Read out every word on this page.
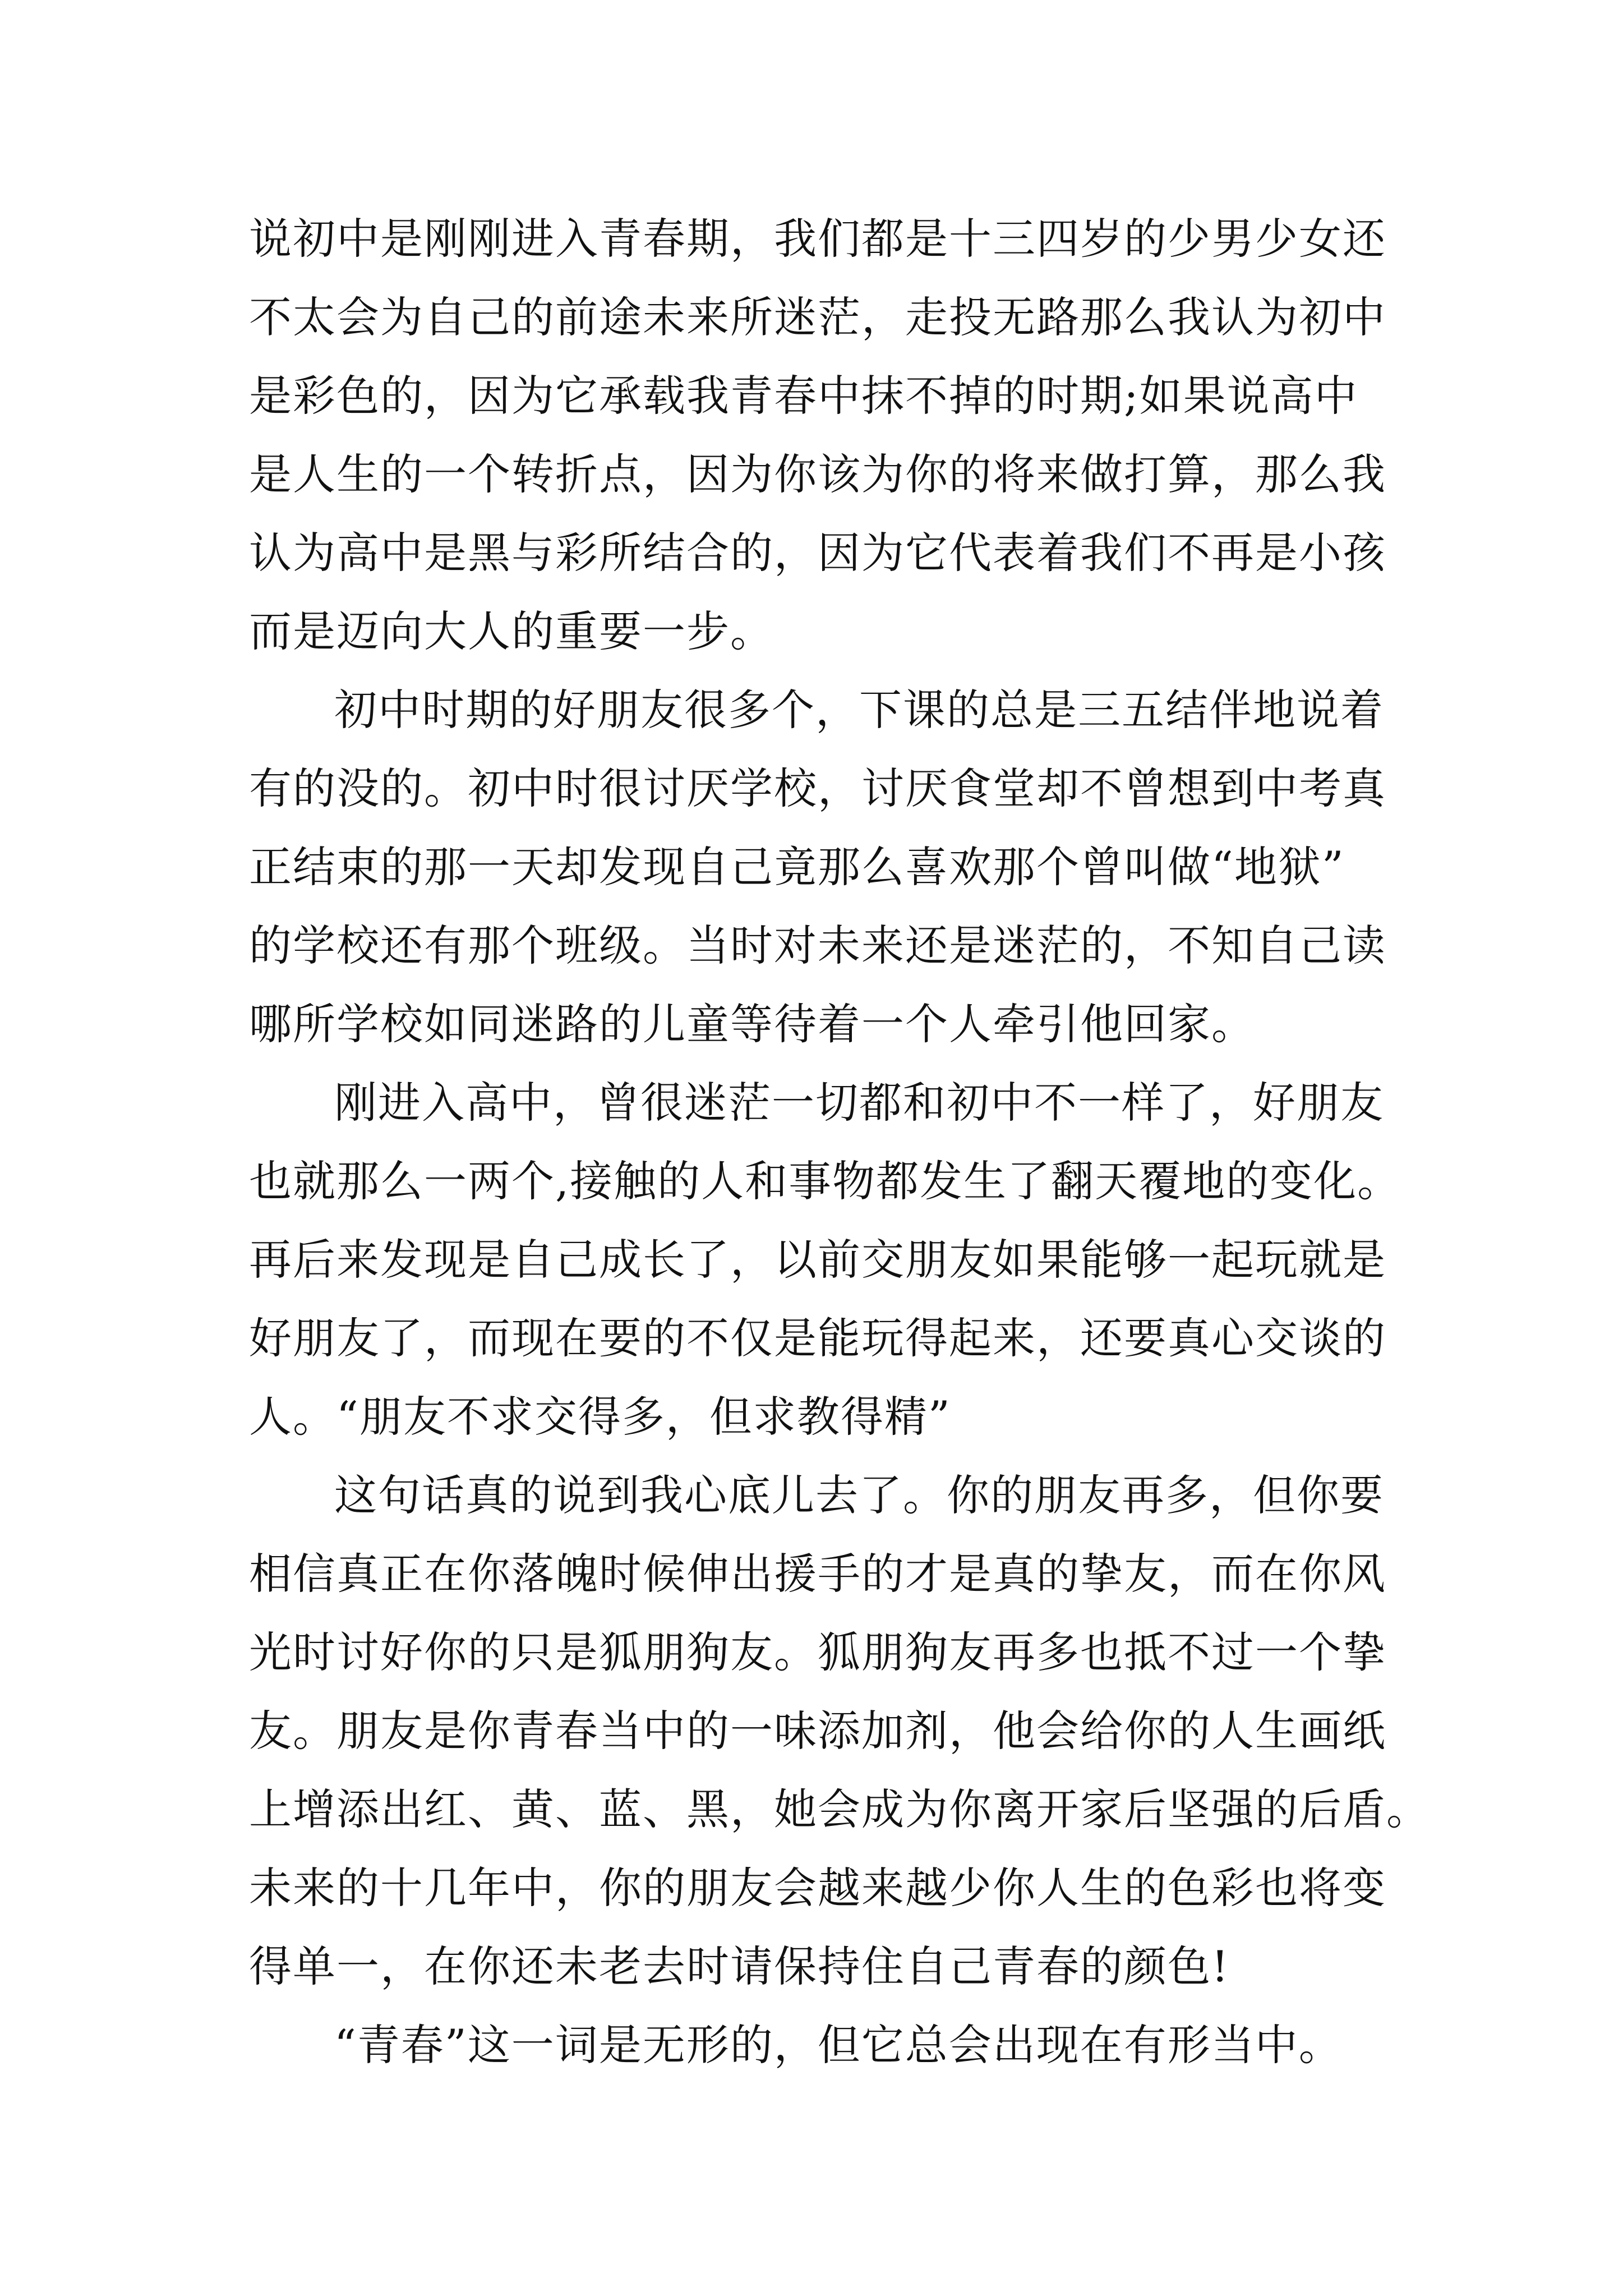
说初中是刚刚进入青春期，我们都是十三四岁的少男少女还
不太会为自己的前途未来所迷茫，走投无路那么我认为初中
是彩色的，因为它承载我青春中抹不掉的时期;如果说高中
是人生的一个转折点，因为你该为你的将来做打算，那么我
认为高中是黑与彩所结合的，因为它代表着我们不再是小孩
而是迈向大人的重要一步。
初中时期的好朋友很多个，下课的总是三五结伴地说着
有的没的。初中时很讨厌学校，讨厌食堂却不曾想到中考真
正结束的那一天却发现自己竟那么喜欢那个曾叫做“地狱”
的学校还有那个班级。当时对未来还是迷茫的，不知自己读
哪所学校如同迷路的儿童等待着一个人牵引他回家。
刚进入高中，曾很迷茫一切都和初中不一样了，好朋友
也就那么一两个,接触的人和事物都发生了翻天覆地的变化。
再后来发现是自己成长了，以前交朋友如果能够一起玩就是
好朋友了，而现在要的不仅是能玩得起来，还要真心交谈的
人。“朋友不求交得多，但求教得精”
这句话真的说到我心底儿去了。你的朋友再多，但你要
相信真正在你落魄时候伸出援手的才是真的挚友，而在你风
光时讨好你的只是狐朋狗友。狐朋狗友再多也抵不过一个挚
友。朋友是你青春当中的一味添加剂，他会给你的人生画纸
上增添出红、黄、蓝、黑，她会成为你离开家后坚强的后盾。
未来的十几年中，你的朋友会越来越少你人生的色彩也将变
得单一，在你还未老去时请保持住自己青春的颜色!
“青春”这一词是无形的，但它总会出现在有形当中。
